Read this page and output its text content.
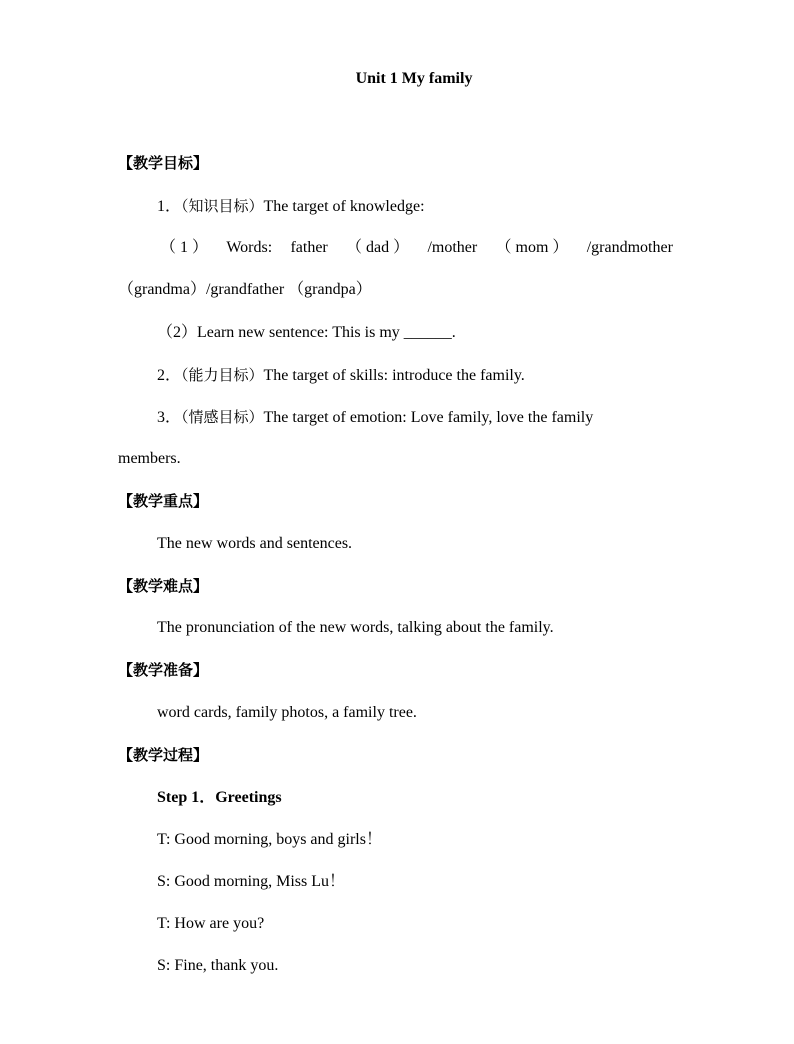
Unit 1 My family
【教学目标】
1．（知识目标）The target of knowledge:
（ 1 ） Words: father （ dad ） /mother （ mom ） /grandmother
（grandma）/grandfather （grandpa）
（2）Learn new sentence: This is my ______.
2．（能力目标）The target of skills: introduce the family.
3．（情感目标）The target of emotion: Love family, love the family
members.
【教学重点】
The new words and sentences.
【教学难点】
The pronunciation of the new words, talking about the family.
【教学准备】
word cards, family photos, a family tree.
【教学过程】
Step 1．Greetings
T: Good morning, boys and girls！
S: Good morning, Miss Lu！
T: How are you?
S: Fine, thank you.
